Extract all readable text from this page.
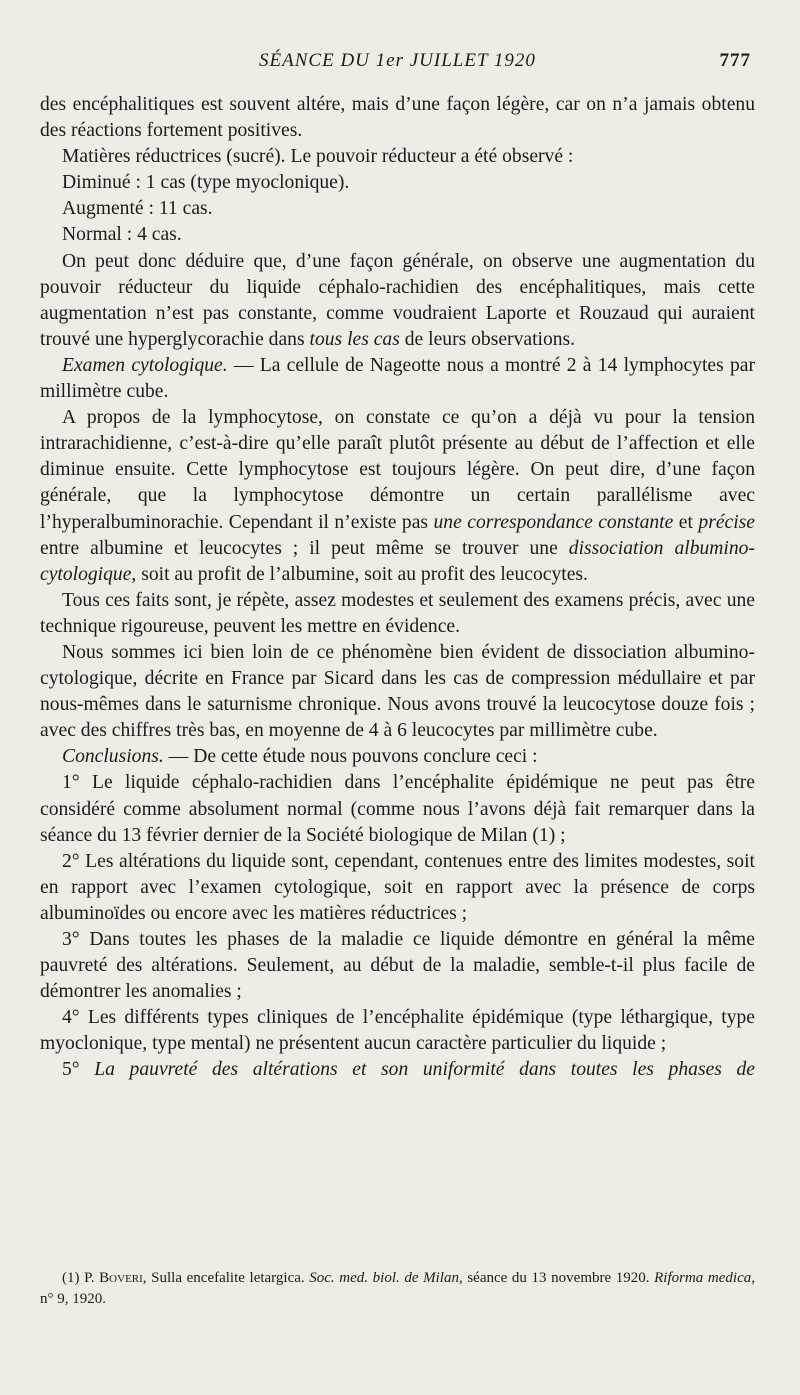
SÉANCE DU 1er JUILLET 1920	777

des encéphalitiques est souvent altére, mais d’une façon légère, car on n’a jamais obtenu des réactions fortement positives.

Matières réductrices (sucré). Le pouvoir réducteur a été observé :

Diminué : 1 cas (type myoclonique).

Augmenté : 11 cas.

Normal : 4 cas.

On peut donc déduire que, d’une façon générale, on observe une augmentation du pouvoir réducteur du liquide céphalo-rachidien des encéphalitiques, mais cette augmentation n’est pas constante, comme voudraient Laporte et Rouzaud qui auraient trouvé une hyperglycorachie dans tous les cas de leurs observations.

Examen cytologique. — La cellule de Nageotte nous a montré 2 à 14 lymphocytes par millimètre cube.

A propos de la lymphocytose, on constate ce qu’on a déjà vu pour la tension intrarachidienne, c’est-à-dire qu’elle paraît plutôt présente au début de l’affection et elle diminue ensuite. Cette lymphocytose est toujours légère. On peut dire, d’une façon générale, que la lymphocytose démontre un certain parallélisme avec l’hyperalbuminorachie. Cependant il n’existe pas une correspondance constante et précise entre albumine et leucocytes ; il peut même se trouver une dissociation albumino-cytologique, soit au profit de l’albumine, soit au profit des leucocytes.

Tous ces faits sont, je répète, assez modestes et seulement des examens précis, avec une technique rigoureuse, peuvent les mettre en évidence.

Nous sommes ici bien loin de ce phénomène bien évident de dissociation albumino-cytologique, décrite en France par Sicard dans les cas de compression médullaire et par nous-mêmes dans le saturnisme chronique. Nous avons trouvé la leucocytose douze fois ; avec des chiffres très bas, en moyenne de 4 à 6 leucocytes par millimètre cube.

Conclusions. — De cette étude nous pouvons conclure ceci :

1° Le liquide céphalo-rachidien dans l’encéphalite épidémique ne peut pas être considéré comme absolument normal (comme nous l’avons déjà fait remarquer dans la séance du 13 février dernier de la Société biologique de Milan (1) ;

2° Les altérations du liquide sont, cependant, contenues entre des limites modestes, soit en rapport avec l’examen cytologique, soit en rapport avec la présence de corps albuminoïdes ou encore avec les matières réductrices ;

3° Dans toutes les phases de la maladie ce liquide démontre en général la même pauvreté des altérations. Seulement, au début de la maladie, semble-t-il plus facile de démontrer les anomalies ;

4° Les différents types cliniques de l’encéphalite épidémique (type léthargique, type myoclonique, type mental) ne présentent aucun caractère particulier du liquide ;

5° La pauvreté des altérations et son uniformité dans toutes les phases de

(1) P. Boveri, Sulla encefalite letargica. Soc. med. biol. de Milan, séance du 13 novembre 1920. Riforma medica, n° 9, 1920.
